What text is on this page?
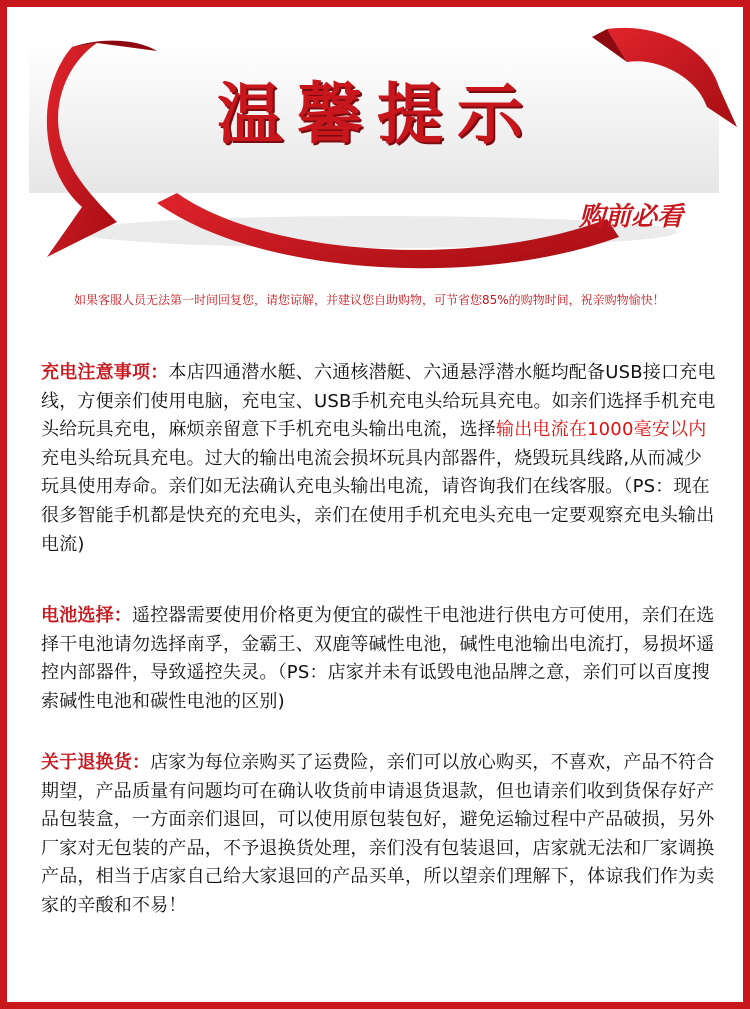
温馨提示
购前必看
如果客服人员无法第一时间回复您，请您谅解，并建议您自助购物，可节省您85%的购物时间，祝亲购物愉快！
充电注意事项：本店四通潜水艇、六通核潜艇、六通悬浮潜水艇均配备USB接口充电线，方便亲们使用电脑，充电宝、USB手机充电头给玩具充电。如亲们选择手机充电头给玩具充电，麻烦亲留意下手机充电头输出电流，选择输出电流在1000毫安以内充电头给玩具充电。过大的输出电流会损坏玩具内部器件，烧毁玩具线路,从而减少玩具使用寿命。亲们如无法确认充电头输出电流，请咨询我们在线客服。（PS：现在很多智能手机都是快充的充电头，亲们在使用手机充电头充电一定要观察充电头输出电流)
电池选择：遥控器需要使用价格更为便宜的碳性干电池进行供电方可使用，亲们在选择干电池请勿选择南孚，金霸王、双鹿等碱性电池，碱性电池输出电流打，易损坏遥控内部器件，导致遥控失灵。（PS：店家并未有诋毁电池品牌之意，亲们可以百度搜索碱性电池和碳性电池的区别)
关于退换货：店家为每位亲购买了运费险，亲们可以放心购买，不喜欢，产品不符合期望，产品质量有问题均可在确认收货前申请退货退款，但也请亲们收到货保存好产品包装盒，一方面亲们退回，可以使用原包装包好，避免运输过程中产品破损，另外厂家对无包装的产品，不予退换货处理，亲们没有包装退回，店家就无法和厂家调换产品，相当于店家自己给大家退回的产品买单，所以望亲们理解下，体谅我们作为卖家的辛酸和不易！
